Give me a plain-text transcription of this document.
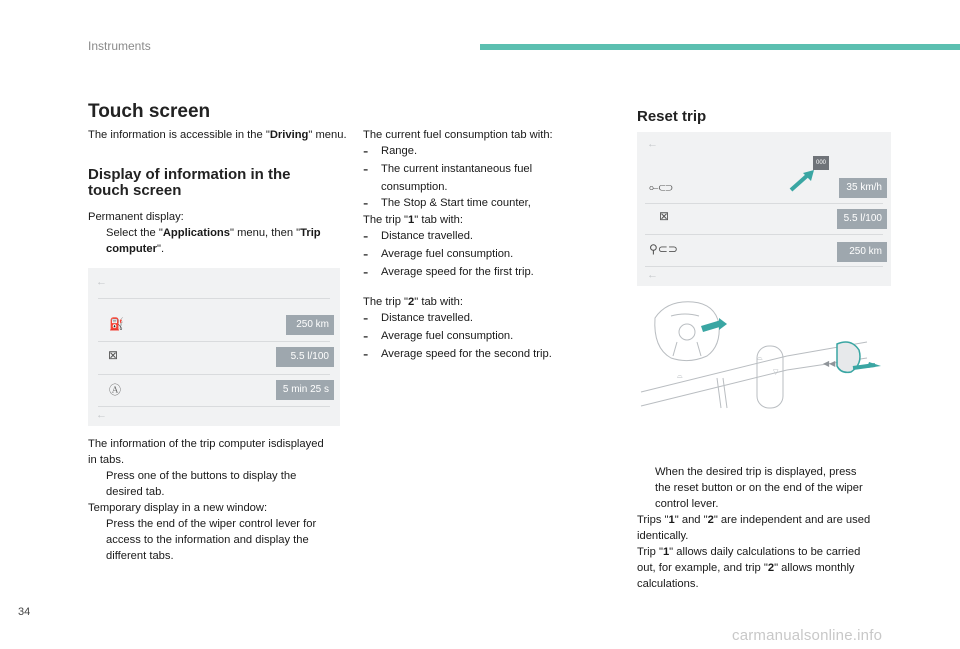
Instruments
Touch screen

The information is accessible in the "Driving" menu.

Display of information in the
touch screen

Permanent display:

Select the "Applications" menu, then "Trip computer".

←
⛽	250 km
⊠	5.5 l/100
Ⓐ	5 min 25 s
←

The information of the trip computer isdisplayed

in tabs.

Press one of the buttons to display the

desired tab.

Temporary display in a new window:

Press the end of the wiper control lever for

access to the information and display the

different tabs.

The current fuel consumption tab with:

-	Range.

-	The current instantaneous fuel

consumption.

-	The Stop & Start time counter,

The trip "1" tab with:

-	Distance travelled.

-	Average fuel consumption.

-	Average speed for the first trip.

The trip "2" tab with:

-	Distance travelled.

-	Average fuel consumption.

-	Average speed for the second trip.

Reset trip
←
000
⟜⊂⊃	35 km/h
⊠	5.5 l/100
⚲⊂⊃	250 km
←
⌓
⌓
▽
◀◀

When the desired trip is displayed, press

the reset button or on the end of the wiper

control lever.

Trips "1" and "2" are independent and are used

identically.

Trip "1" allows daily calculations to be carried

out, for example, and trip "2" allows monthly

calculations.

34
carmanualsonline.info
